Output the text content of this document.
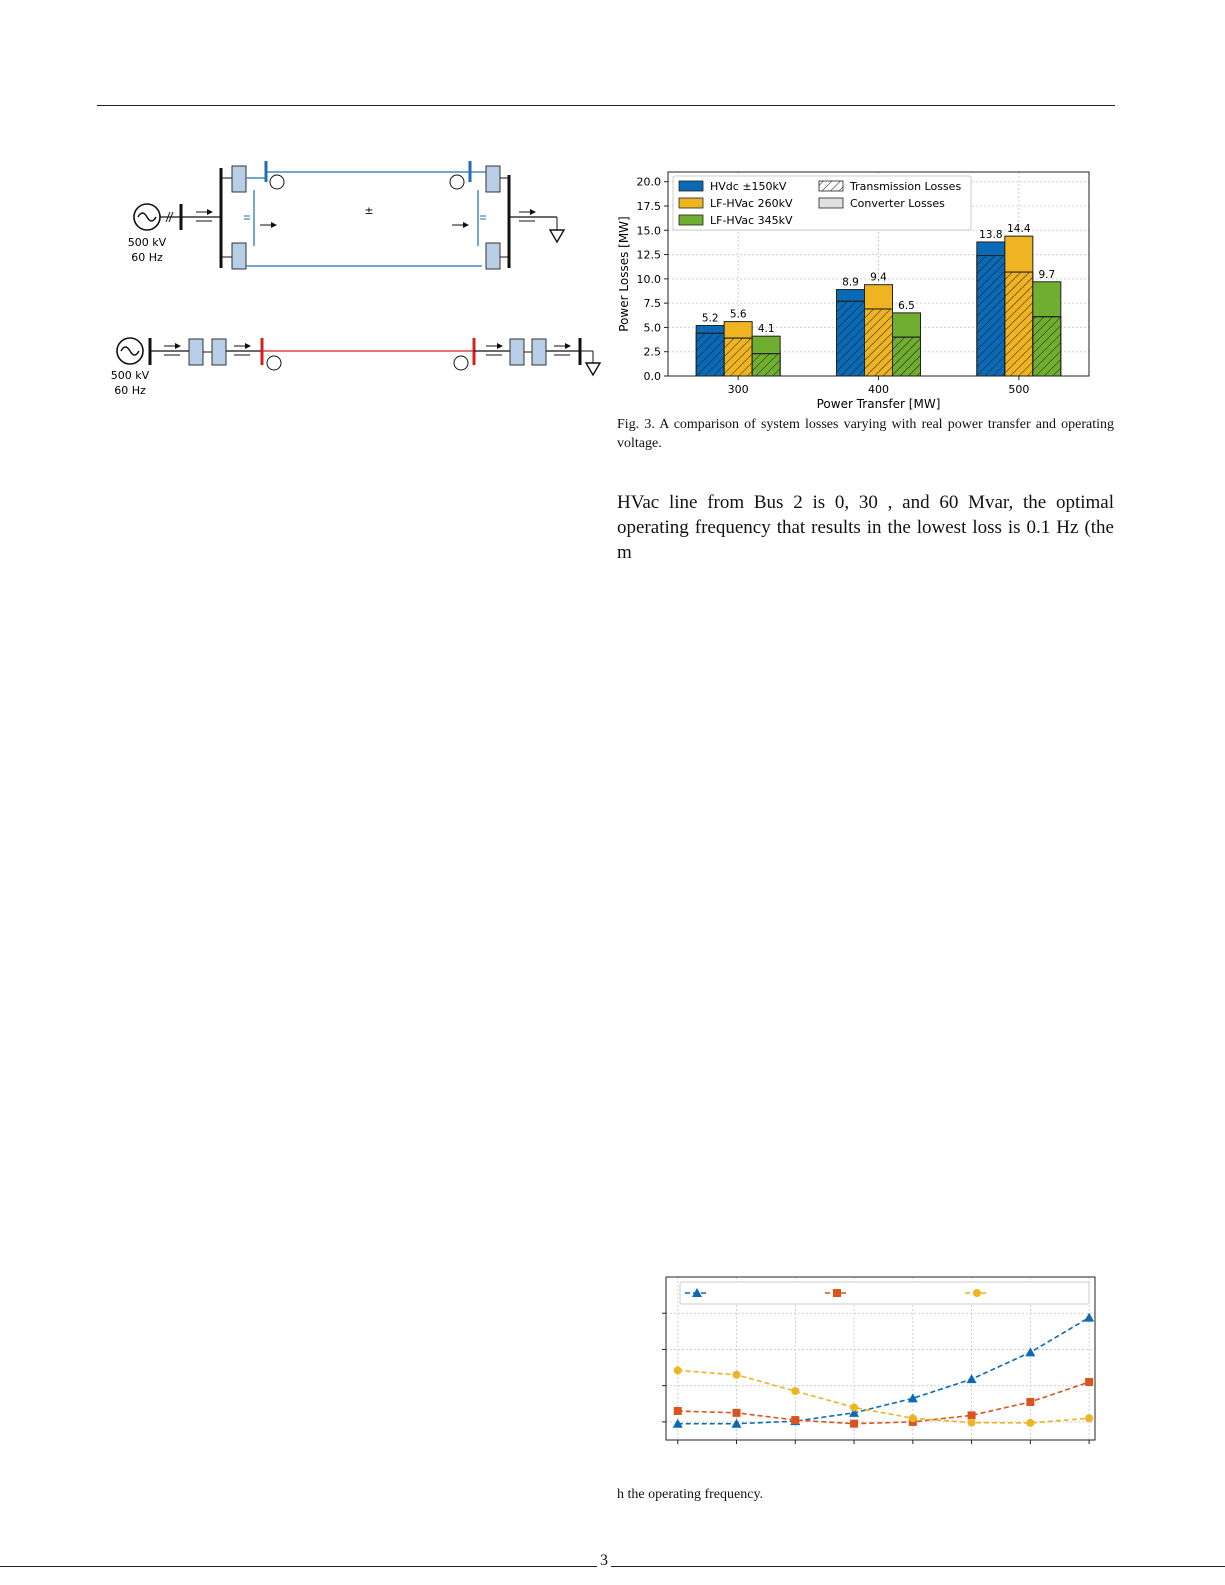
±
500 kV
60 Hz
500 kV
60 Hz
5.2 5.6
4.1
8.9 9.4
6.5
13.8 14.4
9.7
0.0
2.5
5.0
7.5
10.0
12.5
15.0
17.5
20.0
300	400	500
Power Transfer [MW]
Power Losses [MW]
HVdc ±150kV
LF-HVac 260kV
LF-HVac 345kV
Transmission Losses
Converter Losses
Fig. 3. A comparison of system losses varying with real power transfer and operating voltage.
HVac line from Bus 2 is 0, 30 , and 60 Mvar, the optimal operating frequency that results in the lowest loss is 0.1 Hz (the m
h the operating frequency.
3
